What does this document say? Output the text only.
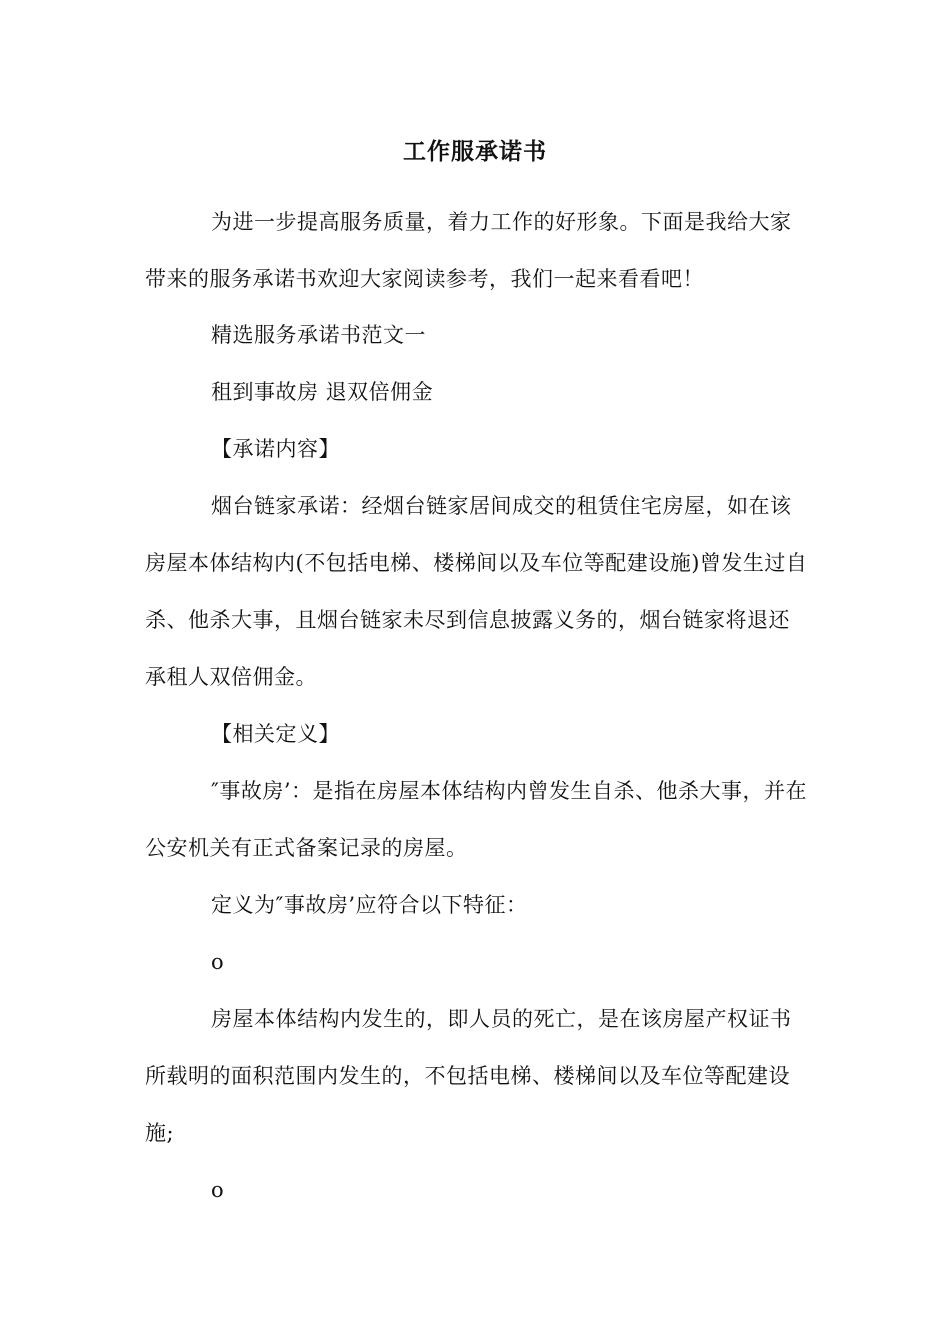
工作服承诺书

为进一步提高服务质量，着力工作的好形象。下面是我给大家带来的服务承诺书欢迎大家阅读参考，我们一起来看看吧！

精选服务承诺书范文一

租到事故房 退双倍佣金

【承诺内容】

烟台链家承诺：经烟台链家居间成交的租赁住宅房屋，如在该房屋本体结构内(不包括电梯、楼梯间以及车位等配建设施)曾发生过自杀、他杀大事，且烟台链家未尽到信息披露义务的，烟台链家将退还承租人双倍佣金。

【相关定义】

″事故房’：是指在房屋本体结构内曾发生自杀、他杀大事，并在公安机关有正式备案记录的房屋。

定义为″事故房’应符合以下特征：

o

房屋本体结构内发生的，即人员的死亡，是在该房屋产权证书所载明的面积范围内发生的，不包括电梯、楼梯间以及车位等配建设施;

o
